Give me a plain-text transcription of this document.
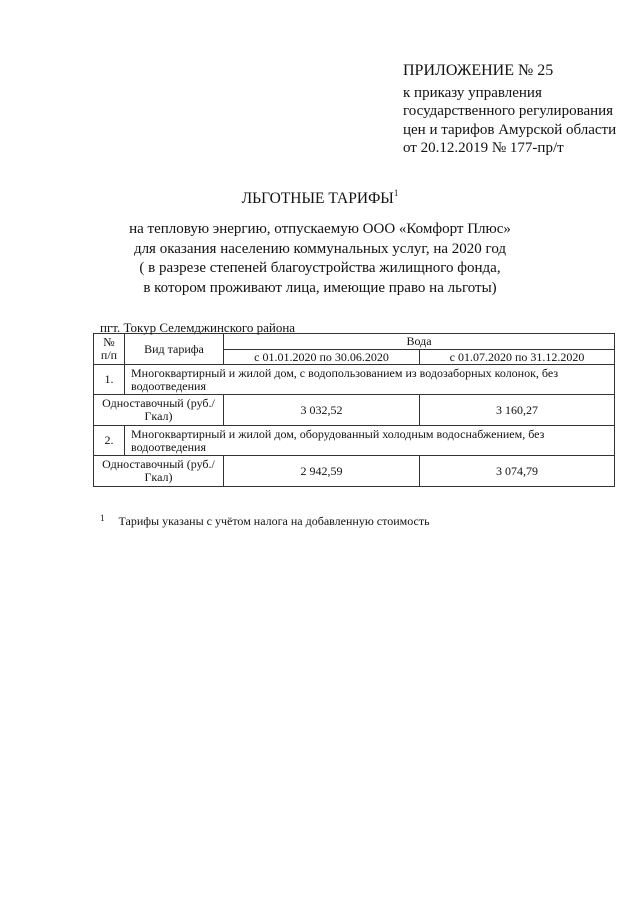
ПРИЛОЖЕНИЕ № 25
к приказу управления
государственного регулирования
цен и тарифов Амурской области
от 20.12.2019 № 177-пр/т
ЛЬГОТНЫЕ ТАРИФЫ$^1$
на тепловую энергию, отпускаемую ООО «Комфорт Плюс»
для оказания населению коммунальных услуг, на 2020 год
( в разрезе степеней благоустройства жилищного фонда,
в котором проживают лица, имеющие право на льготы)
пгт. Токур Селемджинского района
№ п/п	Вид тарифа	Вода	
		с 01.01.2020 по 30.06.2020	с 01.07.2020 по 31.12.2020
1.	Многоквартирный и жилой дом, с водопользованием из водозаборных колонок, без водоотведения		
Одноставочный (руб./Гкал)		3 032,52	3 160,27
2.	Многоквартирный и жилой дом, оборудованный холодным водоснабжением, без водоотведения		
Одноставочный (руб./Гкал)		2 942,59	3 074,79
$^1$ Тарифы указаны с учётом налога на добавленную стоимость
